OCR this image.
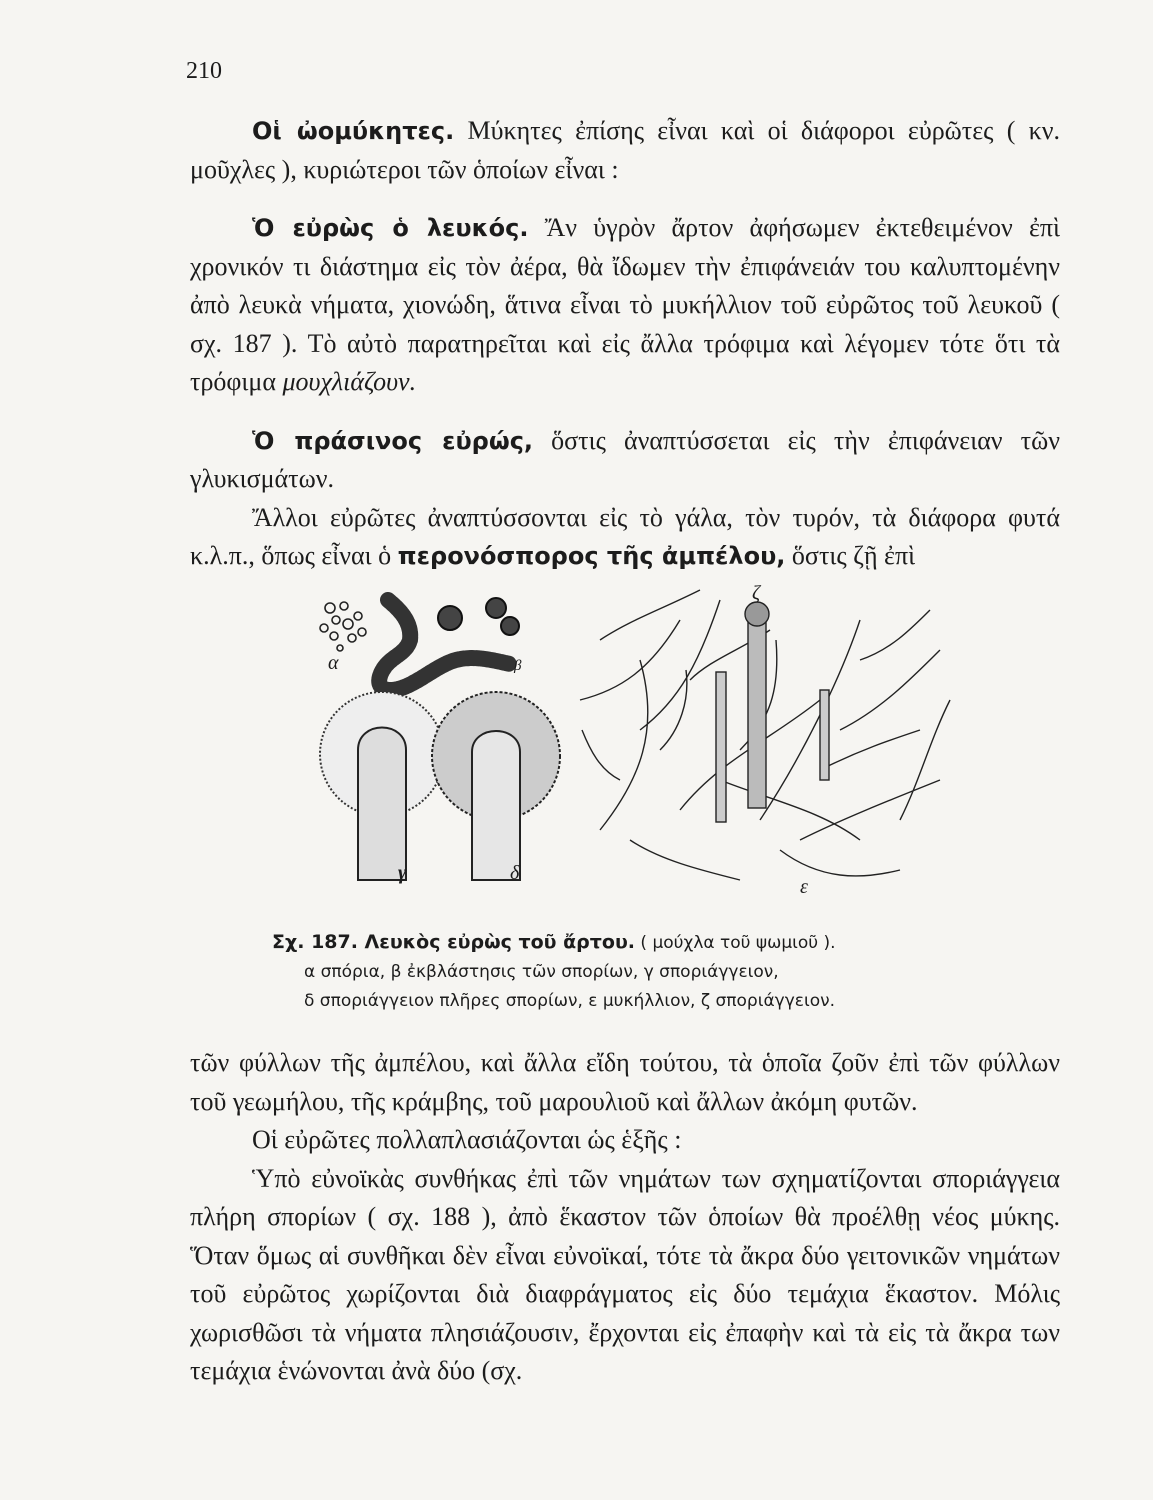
210

Οἱ ὠομύκητες. Μύκητες ἐπίσης εἶναι καὶ οἱ διάφοροι εὐρῶτες ( κν. μοῦχλες ), κυριώτεροι τῶν ὁποίων εἶναι :

Ὁ εὐρὼς ὁ λευκός. Ἄν ὑγρὸν ἄρτον ἀφήσωμεν ἐκτεθειμένον ἐπὶ χρονικόν τι διάστημα εἰς τὸν ἀέρα, θὰ ἴδωμεν τὴν ἐπιφάνειάν του καλυπτομένην ἀπὸ λευκὰ νήματα, χιονώδη, ἅτινα εἶναι τὸ μυκήλλιον τοῦ εὐρῶτος τοῦ λευκοῦ ( σχ. 187 ). Τὸ αὐτὸ παρατηρεῖται καὶ εἰς ἄλλα τρόφιμα καὶ λέγομεν τότε ὅτι τὰ τρόφιμα μουχλιάζουν.

Ὁ πράσινος εὐρώς, ὅστις ἀναπτύσσεται εἰς τὴν ἐπιφάνειαν τῶν γλυκισμάτων.

Ἄλλοι εὐρῶτες ἀναπτύσσονται εἰς τὸ γάλα, τὸν τυρόν, τὰ διάφορα φυτά κ.λ.π., ὅπως εἶναι ὁ περονόσπορος τῆς ἀμπέλου, ὅστις ζῇ ἐπὶ

α	β
γ	δ
ε
ζ
Σχ. 187. Λευκὸς εὐρὼς τοῦ ἄρτου. ( μούχλα τοῦ ψωμιοῦ ).
α σπόρια, β ἐκβλάστησις τῶν σπορίων, γ σποριάγγειον,
δ σποριάγγειον πλῆρες σπορίων, ε μυκήλλιον, ζ σποριάγγειον.

τῶν φύλλων τῆς ἀμπέλου, καὶ ἄλλα εἴδη τούτου, τὰ ὁποῖα ζοῦν ἐπὶ τῶν φύλλων τοῦ γεωμήλου, τῆς κράμβης, τοῦ μαρουλιοῦ καὶ ἄλλων ἀκόμη φυτῶν.

Οἱ εὐρῶτες πολλαπλασιάζονται ὡς ἑξῆς :

Ὑπὸ εὐνοϊκὰς συνθήκας ἐπὶ τῶν νημάτων των σχηματίζονται σποριάγγεια πλήρη σπορίων ( σχ. 188 ), ἀπὸ ἕκαστον τῶν ὁποίων θὰ προέλθῃ νέος μύκης. Ὅταν ὅμως αἱ συνθῆκαι δὲν εἶναι εὐνοϊκαί, τότε τὰ ἄκρα δύο γειτονικῶν νημάτων τοῦ εὐρῶτος χωρίζονται διὰ διαφράγματος εἰς δύο τεμάχια ἕκαστον. Μόλις χωρισθῶσι τὰ νήματα πλησιάζουσιν, ἔρχονται εἰς ἐπαφὴν καὶ τὰ εἰς τὰ ἄκρα των τεμάχια ἑνώνονται ἀνὰ δύο (σχ.
